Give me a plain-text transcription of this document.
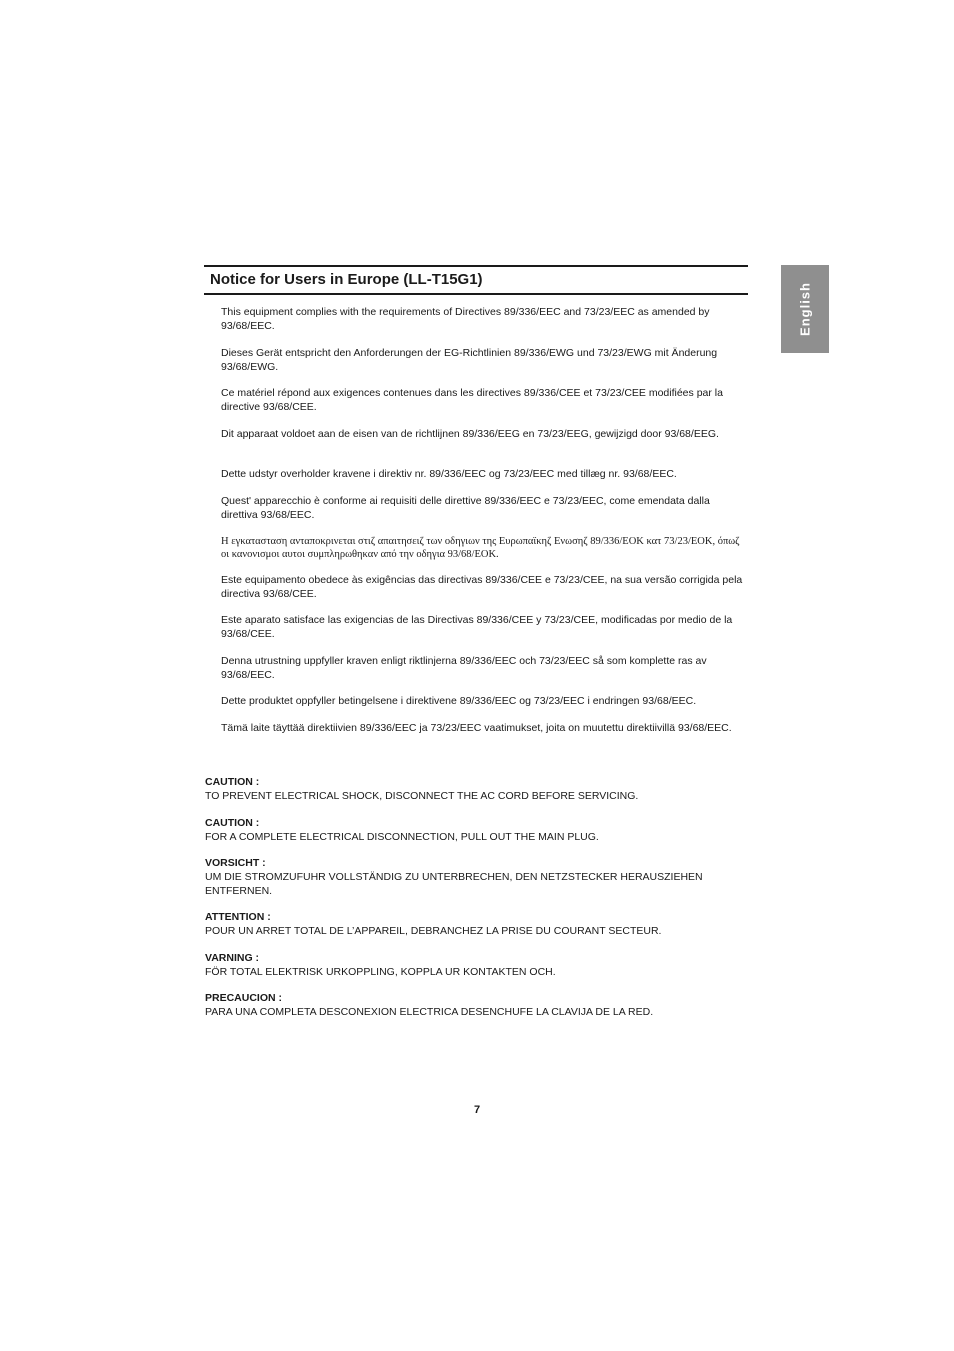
English
Notice for Users in Europe (LL-T15G1)

This equipment complies with the requirements of Directives 89/336/EEC and 73/23/EEC as amended by 93/68/EEC.

Dieses Gerät entspricht den Anforderungen der EG-Richtlinien 89/336/EWG und 73/23/EWG mit Änderung 93/68/EWG.

Ce matériel répond aux exigences contenues dans les directives 89/336/CEE et 73/23/CEE modifiées par la directive 93/68/CEE.

Dit apparaat voldoet aan de eisen van de richtlijnen 89/336/EEG en 73/23/EEG, gewijzigd door 93/68/EEG.

Dette udstyr overholder kravene i direktiv nr. 89/336/EEC og 73/23/EEC med tillæg nr. 93/68/EEC.

Quest' apparecchio è conforme ai requisiti delle direttive 89/336/EEC e 73/23/EEC, come emendata dalla direttiva 93/68/EEC.

Η εγκατασταση ανταποκρινεται στιζ απαιτησειζ των οδηγιων της Ευρωπαϊκηζ Ενωσηζ 89/336/ΕΟΚ κατ 73/23/ΕΟΚ, όπωζ οι κανονισμοι αυτοι συμπληρωθηκαν από την οδηγια 93/68/ΕΟΚ.

Este equipamento obedece às exigências das directivas 89/336/CEE e 73/23/CEE, na sua versão corrigida pela directiva 93/68/CEE.

Este aparato satisface las exigencias de las Directivas 89/336/CEE y 73/23/CEE, modificadas por medio de la 93/68/CEE.

Denna utrustning uppfyller kraven enligt riktlinjerna 89/336/EEC och 73/23/EEC så som komplette ras av 93/68/EEC.

Dette produktet oppfyller betingelsene i direktivene 89/336/EEC og 73/23/EEC i endringen 93/68/EEC.

Tämä laite täyttää direktiivien 89/336/EEC ja 73/23/EEC vaatimukset, joita on muutettu direktiivillä 93/68/EEC.

CAUTION :
TO PREVENT ELECTRICAL SHOCK, DISCONNECT THE AC CORD BEFORE SERVICING.
CAUTION :
FOR A COMPLETE ELECTRICAL DISCONNECTION, PULL OUT THE MAIN PLUG.
VORSICHT :
UM DIE STROMZUFUHR VOLLSTÄNDIG ZU UNTERBRECHEN, DEN NETZSTECKER HERAUSZIEHEN ENTFERNEN.
ATTENTION :
POUR UN ARRET TOTAL DE L’APPAREIL, DEBRANCHEZ LA PRISE DU COURANT SECTEUR.
VARNING :
FÖR TOTAL ELEKTRISK URKOPPLING, KOPPLA UR KONTAKTEN OCH.
PRECAUCION :
PARA UNA COMPLETA DESCONEXION ELECTRICA DESENCHUFE LA CLAVIJA DE LA RED.
7
